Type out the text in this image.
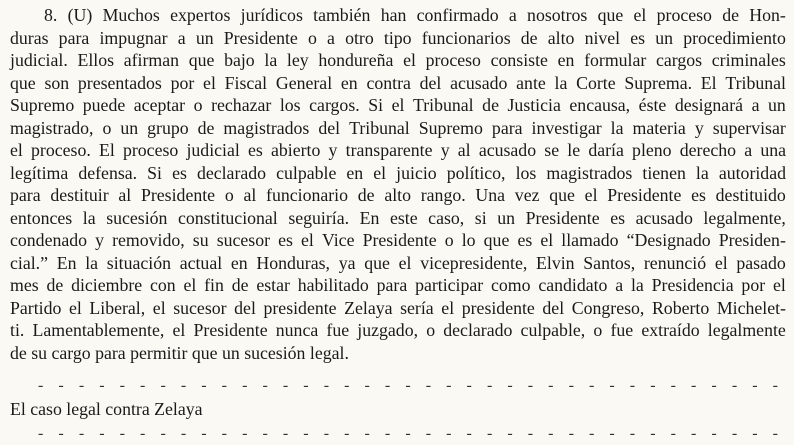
8. (U) Muchos expertos jurídicos también han confirmado a nosotros que el proceso de Hon-
duras para impugnar a un Presidente o a otro tipo funcionarios de alto nivel es un procedimiento
judicial. Ellos afirman que bajo la ley hondureña el proceso consiste en formular cargos criminales
que son presentados por el Fiscal General en contra del acusado ante la Corte Suprema. El Tribunal
Supremo puede aceptar o rechazar los cargos. Si el Tribunal de Justicia encausa, éste designará a un
magistrado, o un grupo de magistrados del Tribunal Supremo para investigar la materia y supervisar
el proceso. El proceso judicial es abierto y transparente y al acusado se le daría pleno derecho a una
legítima defensa. Si es declarado culpable en el juicio político, los magistrados tienen la autoridad
para destituir al Presidente o al funcionario de alto rango. Una vez que el Presidente es destituido
entonces la sucesión constitucional seguiría. En este caso, si un Presidente es acusado legalmente,
condenado y removido, su sucesor es el Vice Presidente o lo que es el llamado “Designado Presiden-
cial.” En la situación actual en Honduras, ya que el vicepresidente, Elvin Santos, renunció el pasado
mes de diciembre con el fin de estar habilitado para participar como candidato a la Presidencia por el
Partido el Liberal, el sucesor del presidente Zelaya sería el presidente del Congreso, Roberto Michelet-
ti. Lamentablemente, el Presidente nunca fue juzgado, o declarado culpable, o fue extraído legalmente
de su cargo para permitir que un sucesión legal.
- - - - - - - - - - - - - - - - - - - - - - - - - - - - - - - - - - - - -
El caso legal contra Zelaya
- - - - - - - - - - - - - - - - - - - - - - - - - - - - - - - - - - - - -
